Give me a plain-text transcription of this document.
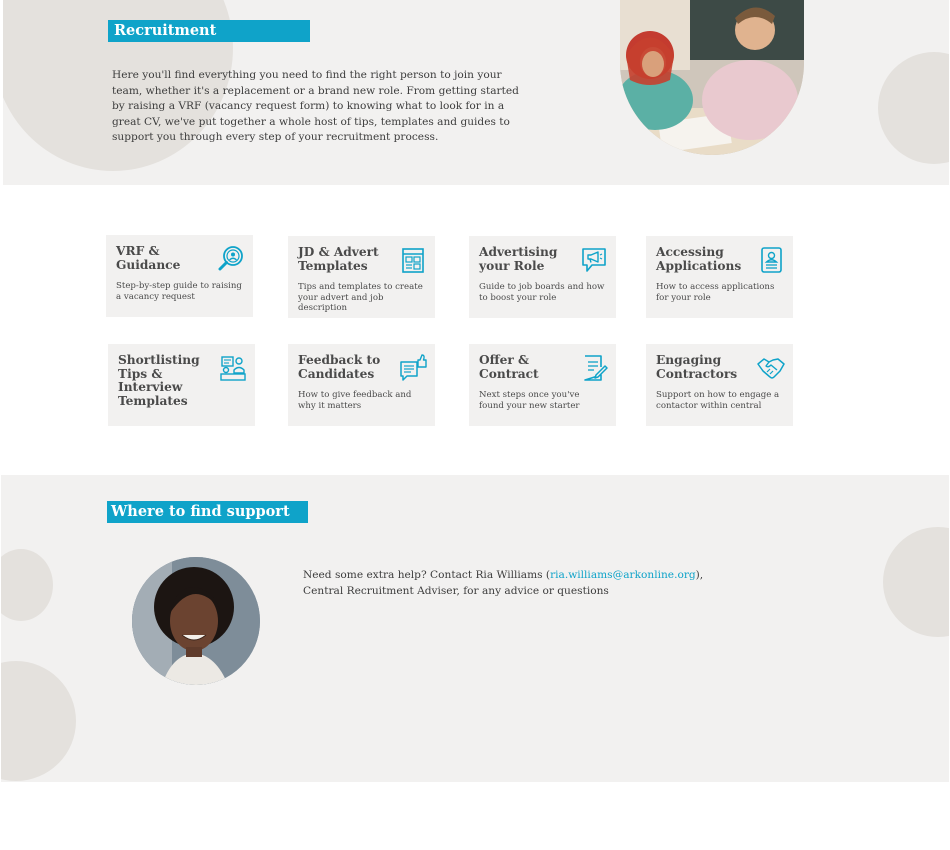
Recruitment
Here you'll find everything you need to find the right person to join your team, whether it's a replacement or a brand new role. From getting started by raising a VRF (vacancy request form) to knowing what to look for in a great CV, we've put together a whole host of tips, templates and guides to support you through every step of your recruitment process.
VRF & Guidance
Step-by-step guide to raising a vacancy request
JD & Advert Templates
Tips and templates to create your advert and job description
Advertising your Role
Guide to job boards and how to boost your role
Accessing Applications
How to access applications for your role
Shortlisting Tips & Interview Templates
Feedback to Candidates
How to give feedback and why it matters
Offer & Contract
Next steps once you've found your new starter
Engaging Contractors
Support on how to engage a contactor within central
Need some extra help? Contact Ria Williams (ria.williams@arkonline.org), Central Recruitment Adviser, for any advice or questions
Where to find support
